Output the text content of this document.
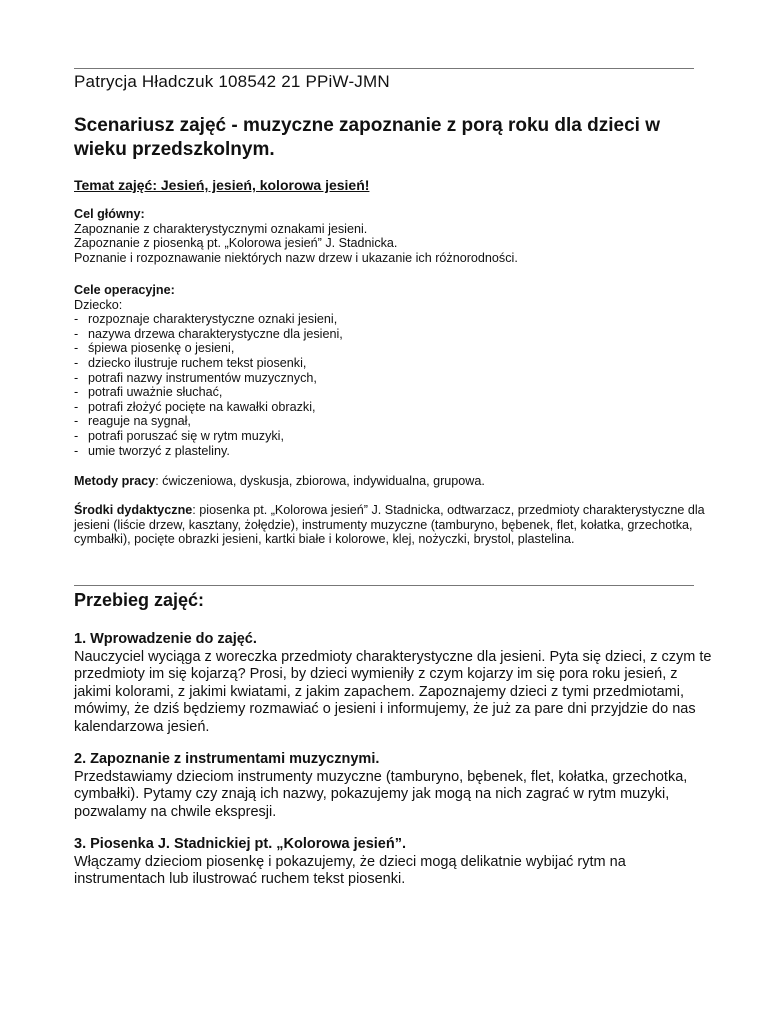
Patrycja Hładczuk 108542 21 PPiW-JMN
Scenariusz zajęć - muzyczne zapoznanie z porą roku dla dzieci w wieku przedszkolnym.
Temat zajęć: Jesień, jesień, kolorowa jesień!
Cel główny:
Zapoznanie z charakterystycznymi oznakami jesieni.
Zapoznanie z piosenką pt. „Kolorowa jesień” J. Stadnicka.
Poznanie i rozpoznawanie niektórych nazw drzew i ukazanie ich różnorodności.
Cele operacyjne:
Dziecko:
- rozpoznaje charakterystyczne oznaki jesieni,
- nazywa drzewa charakterystyczne dla jesieni,
- śpiewa piosenkę o jesieni,
- dziecko ilustruje ruchem tekst piosenki,
- potrafi nazwy instrumentów muzycznych,
- potrafi uważnie słuchać,
- potrafi złożyć pocięte na kawałki obrazki,
- reaguje na sygnał,
- potrafi poruszać się w rytm muzyki,
- umie tworzyć z plasteliny.
Metody pracy: ćwiczeniowa, dyskusja, zbiorowa, indywidualna, grupowa.
Środki dydaktyczne: piosenka pt. „Kolorowa jesień” J. Stadnicka, odtwarzacz, przedmioty charakterystyczne dla jesieni (liście drzew, kasztany, żołędzie), instrumenty muzyczne (tamburyno, bębenek, flet, kołatka, grzechotka, cymbałki), pocięte obrazki jesieni, kartki białe i kolorowe, klej, nożyczki, brystol, plastelina.
Przebieg zajęć:
1. Wprowadzenie do zajęć.
Nauczyciel wyciąga z woreczka przedmioty charakterystyczne dla jesieni. Pyta się dzieci, z czym te przedmioty im się kojarzą? Prosi, by dzieci wymieniły z czym kojarzy im się pora roku jesień, z jakimi kolorami, z jakimi kwiatami, z jakim zapachem. Zapoznajemy dzieci z tymi przedmiotami, mówimy, że dziś będziemy rozmawiać o jesieni i informujemy, że już za pare dni przyjdzie do nas kalendarzowa jesień.
2. Zapoznanie z instrumentami muzycznymi.
Przedstawiamy dzieciom instrumenty muzyczne (tamburyno, bębenek, flet, kołatka, grzechotka, cymbałki). Pytamy czy znają ich nazwy, pokazujemy jak mogą na nich zagrać w rytm muzyki, pozwalamy na chwile ekspresji.
3. Piosenka J. Stadnickiej pt. „Kolorowa jesień”.
Włączamy dzieciom piosenkę i pokazujemy, że dzieci mogą delikatnie wybijać rytm na instrumentach lub ilustrować ruchem tekst piosenki.
